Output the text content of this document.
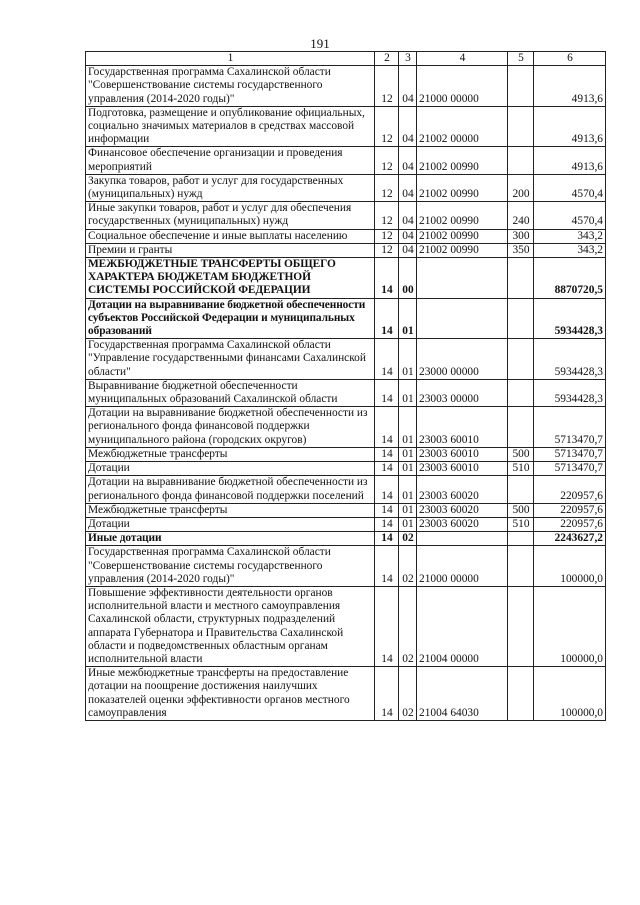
191
1	2	3	4	5	6
Государственная программа Сахалинской области "Совершенствование системы государственного управления (2014-2020 годы)"	12	04	21000 00000		4913,6
Подготовка, размещение и опубликование официальных, социально значимых материалов в средствах массовой информации	12	04	21002 00000		4913,6
Финансовое обеспечение организации и проведения мероприятий	12	04	21002 00990		4913,6
Закупка товаров, работ и услуг для государственных (муниципальных) нужд	12	04	21002 00990	200	4570,4
Иные закупки товаров, работ и услуг для обеспечения государственных (муниципальных) нужд	12	04	21002 00990	240	4570,4
Социальное обеспечение и иные выплаты населению	12	04	21002 00990	300	343,2
Премии и гранты	12	04	21002 00990	350	343,2
МЕЖБЮДЖЕТНЫЕ ТРАНСФЕРТЫ ОБЩЕГО ХАРАКТЕРА БЮДЖЕТАМ БЮДЖЕТНОЙ СИСТЕМЫ РОССИЙСКОЙ ФЕДЕРАЦИИ	14	00			8870720,5
Дотации на выравнивание бюджетной обеспеченности субъектов Российской Федерации и муниципальных образований	14	01			5934428,3
Государственная программа Сахалинской области "Управление государственными финансами Сахалинской области"	14	01	23000 00000		5934428,3
Выравнивание бюджетной обеспеченности муниципальных образований Сахалинской области	14	01	23003 00000		5934428,3
Дотации на выравнивание бюджетной обеспеченности из регионального фонда финансовой поддержки муниципального района (городских округов)	14	01	23003 60010		5713470,7
Межбюджетные трансферты	14	01	23003 60010	500	5713470,7
Дотации	14	01	23003 60010	510	5713470,7
Дотации на выравнивание бюджетной обеспеченности из регионального фонда финансовой поддержки поселений	14	01	23003 60020		220957,6
Межбюджетные трансферты	14	01	23003 60020	500	220957,6
Дотации	14	01	23003 60020	510	220957,6
Иные дотации	14	02			2243627,2
Государственная программа Сахалинской области "Совершенствование системы государственного управления (2014-2020 годы)"	14	02	21000 00000		100000,0
Повышение эффективности деятельности органов исполнительной власти и местного самоуправления Сахалинской области, структурных подразделений аппарата Губернатора и Правительства Сахалинской области и подведомственных областным органам исполнительной власти	14	02	21004 00000		100000,0
Иные межбюджетные трансферты на предоставление дотации на поощрение достижения наилучших показателей оценки эффективности органов местного самоуправления	14	02	21004 64030		100000,0
